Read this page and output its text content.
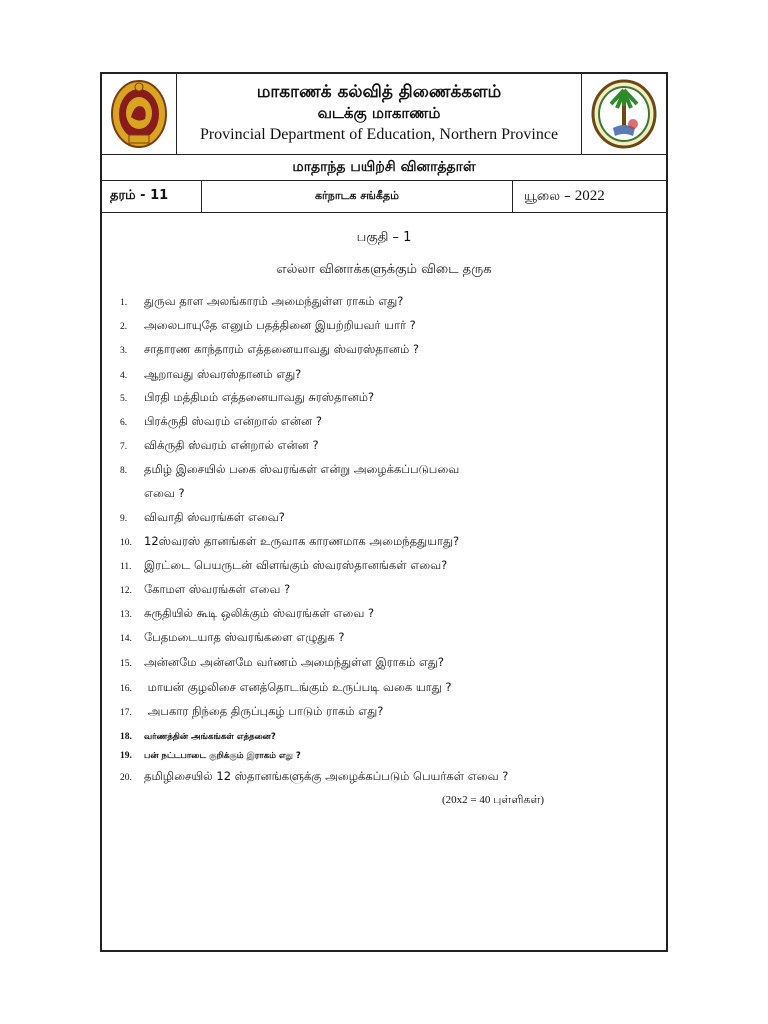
மாகாணக் கல்வித் திணைக்களம்
வடக்கு மாகாணம்
Provincial Department of Education, Northern Province
மாதாந்த பயிற்சி வினாத்தாள்
தரம் - 11	கர்நாடக சங்கீதம்	யூலை – 2022
பகுதி – 1
எல்லா வினாக்களுக்கும் விடை தருக
1. துருவ தாள அலங்காரம் அமைந்துள்ள ராகம் எது?
2. அலைபாயுதே எனும் பதத்தினை இயற்றியவர் யார் ?
3. சாதாரண காந்தாரம் எத்தனையாவது ஸ்வரஸ்தானம் ?
4. ஆறாவது ஸ்வரஸ்தானம் எது?
5. பிரதி மத்திமம் எத்தனையாவது சுரஸ்தானம்?
6. பிரக்ருதி ஸ்வரம் என்றால் என்ன ?
7. விக்ருதி ஸ்வரம் என்றால் என்ன ?
8. தமிழ் இசையில் பகை ஸ்வரங்கள் என்று அழைக்கப்படுபவை
எவை ?
9. விவாதி ஸ்வரங்கள் எவை?
10. 12ஸ்வரஸ் தானங்கள் உருவாக காரணமாக அமைந்ததுயாது?
11. இரட்டை பெயருடன் விளங்கும் ஸ்வரஸ்தானங்கள் எவை?
12. கோமள ஸ்வரங்கள் எவை ?
13. சுருதியில் கூடி ஒலிக்கும் ஸ்வரங்கள் எவை ?
14. பேதமடையாத ஸ்வரங்களை எழுதுக ?
15. அன்னமே அன்னமே வர்ணம் அமைந்துள்ள இராகம் எது?
16. மாயன் குழலிசை எனத்தொடங்கும் உருப்படி வகை யாது ?
17. அபகார நிந்தை திருப்புகழ் பாடும் ராகம் எது?
18. வர்ணத்தின் அங்கங்கள் எத்தனை?
19. பன் நட்டபாடை குறிக்கும் இராகம் எது ?
20. தமிழிசையில் 12 ஸ்தானங்களுக்கு அழைக்கப்படும் பெயர்கள் எவை ?
(20x2 = 40 புள்ளிகள்)
